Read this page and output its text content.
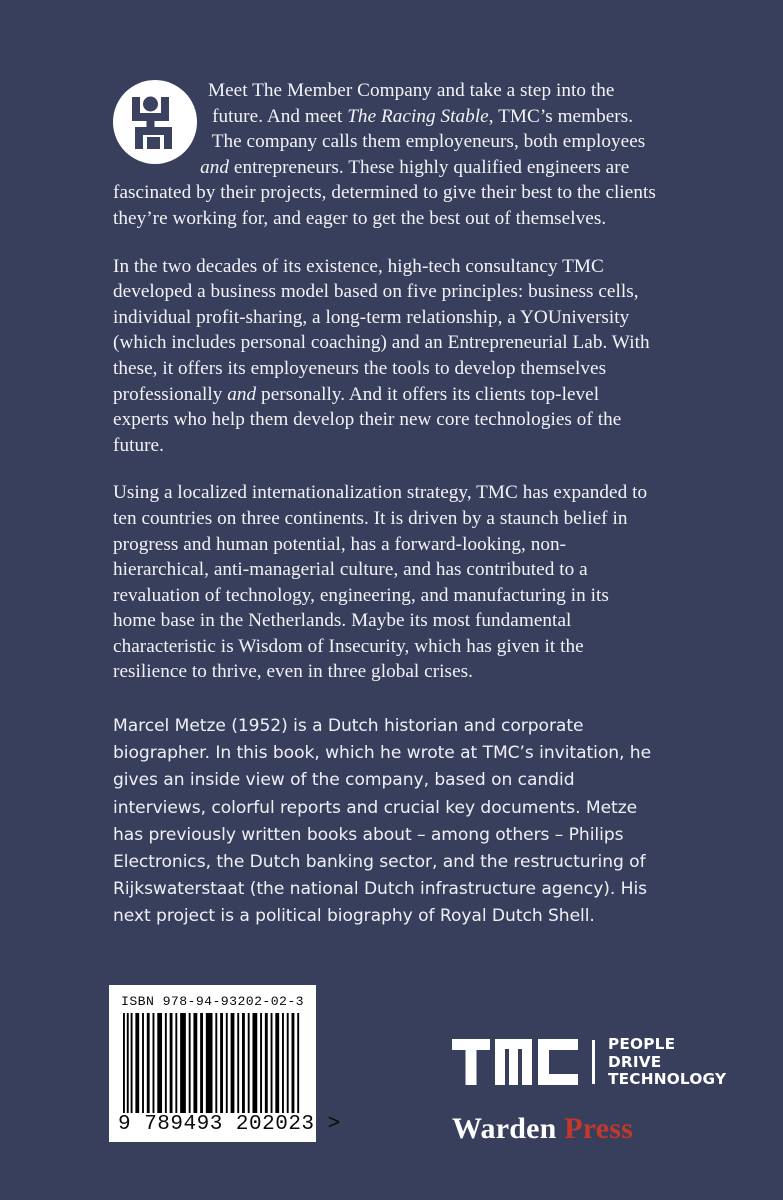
Meet The Member Company and take a step into the future. And meet The Racing Stable, TMC’s members. The company calls them employeneurs, both employees and entrepreneurs. These highly qualified engineers are fascinated by their projects, determined to give their best to the clients they’re working for, and eager to get the best out of themselves.

In the two decades of its existence, high-tech consultancy TMC developed a business model based on five principles: business cells, individual profit-sharing, a long-term relationship, a YOUniversity (which includes personal coaching) and an Entrepreneurial Lab. With these, it offers its employeneurs the tools to develop themselves professionally and personally. And it offers its clients top-level experts who help them develop their new core technologies of the future.

Using a localized internationalization strategy, TMC has expanded to ten countries on three continents. It is driven by a staunch belief in progress and human potential, has a forward-looking, non-hierarchical, anti-managerial culture, and has contributed to a revaluation of technology, engineering, and manufacturing in its home base in the Netherlands. Maybe its most fundamental characteristic is Wisdom of Insecurity, which has given it the resilience to thrive, even in three global crises.

Marcel Metze (1952) is a Dutch historian and corporate biographer. In this book, which he wrote at TMC’s invitation, he gives an inside view of the company, based on candid interviews, colorful reports and crucial key documents. Metze has previously written books about – among others – Philips Electronics, the Dutch banking sector, and the restructuring of Rijkswaterstaat (the national Dutch infrastructure agency). His next project is a political biography of Royal Dutch Shell.

ISBN 978-94-93202-02-3
9 789493 202023 >
PEOPLE
DRIVE
TECHNOLOGY
Warden Press
